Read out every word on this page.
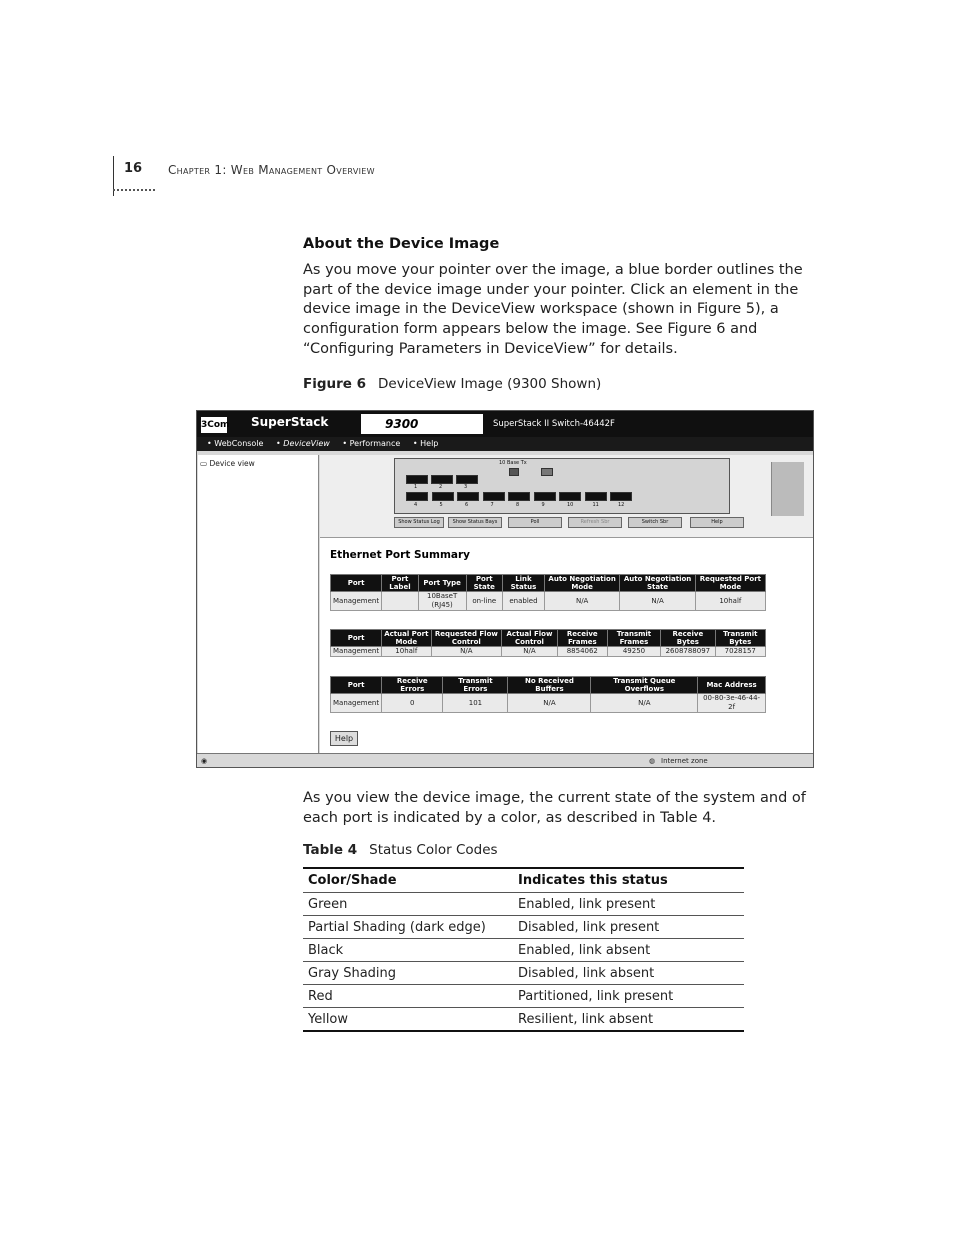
16 Chapter 1: Web Management Overview
About the Device Image
As you move your pointer over the image, a blue border outlines the part of the device image under your pointer. Click an element in the device image in the DeviceView workspace (shown in Figure 5), a configuration form appears below the image. See Figure 6 and “Configuring Parameters in DeviceView” for details.
Figure 6 DeviceView Image (9300 Shown)
3Com SuperStack	9300	SuperStack II Switch-46442F
• WebConsole • DeviceView • Performance • Help
▭ Device view	10 Base Tx
1	2	3
4	5	6	7	8	9	10	11	12
Show Status Log	Show Status Bays	Poll	Refresh Sbr	Switch Sbr	Help
Ethernet Port Summary
Port	Port Label	Port Type	Port State	Link Status	Auto Negotiation Mode	Auto Negotiation State	Requested Port Mode
Management		10BaseT (RJ45)	on-line	enabled	N/A	N/A	10half
Port	Actual Port Mode	Requested Flow Control	Actual Flow Control	Receive Frames	Transmit Frames	Receive Bytes	Transmit Bytes
Management	10half	N/A	N/A	8854062	49250	2608788097	7028157
Port	Receive Errors	Transmit Errors	No Received Buffers	Transmit Queue Overflows	Mac Address
Management	0	101	N/A	N/A	00-80-3e-46-44-2f
Help
◉	◍ Internet zone
As you view the device image, the current state of the system and of each port is indicated by a color, as described in Table 4.
Table 4 Status Color Codes
Color/Shade	Indicates this status
Green	Enabled, link present
Partial Shading (dark edge)	Disabled, link present
Black	Enabled, link absent
Gray Shading	Disabled, link absent
Red	Partitioned, link present
Yellow	Resilient, link absent
